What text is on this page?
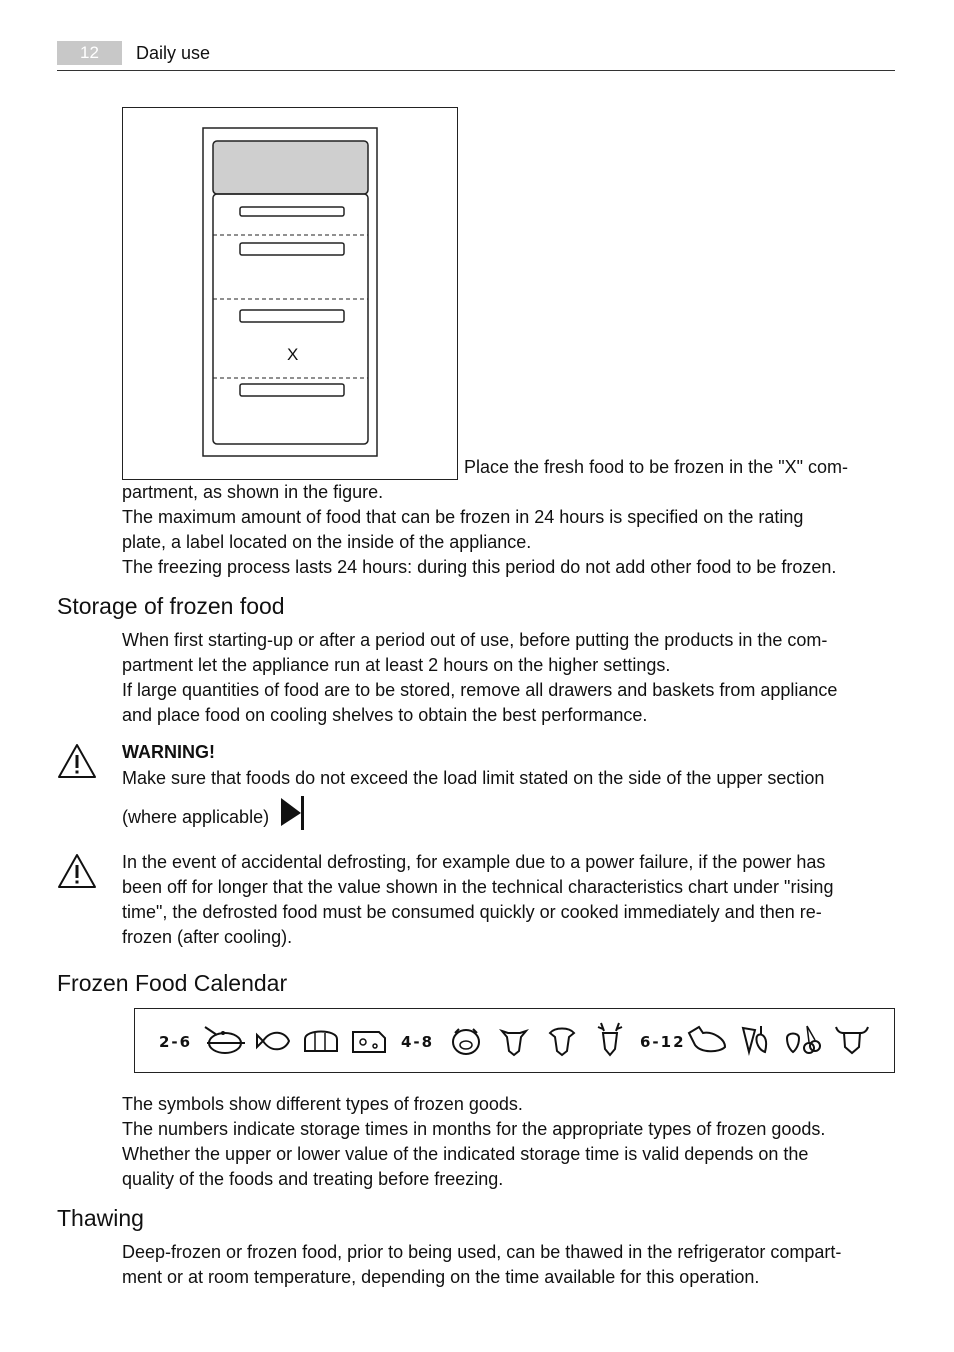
12	Daily use
X
Place the fresh food to be frozen in the "X" com-
partment, as shown in the figure.
The maximum amount of food that can be frozen in 24 hours is specified on the rating
plate, a label located on the inside of the appliance.
The freezing process lasts 24 hours: during this period do not add other food to be frozen.
Storage of frozen food
When first starting-up or after a period out of use, before putting the products in the com-
partment let the appliance run at least 2 hours on the higher settings.
If large quantities of food are to be stored, remove all drawers and baskets from appliance
and place food on cooling shelves to obtain the best performance.
WARNING!
Make sure that foods do not exceed the load limit stated on the side of the upper section
(where applicable)
In the event of accidental defrosting, for example due to a power failure, if the power has
been off for longer that the value shown in the technical characteristics chart under "rising
time", the defrosted food must be consumed quickly or cooked immediately and then re-
frozen (after cooling).
Frozen Food Calendar
2-6	4-8	6-12
The symbols show different types of frozen goods.
The numbers indicate storage times in months for the appropriate types of frozen goods.
Whether the upper or lower value of the indicated storage time is valid depends on the
quality of the foods and treating before freezing.
Thawing
Deep-frozen or frozen food, prior to being used, can be thawed in the refrigerator compart-
ment or at room temperature, depending on the time available for this operation.
